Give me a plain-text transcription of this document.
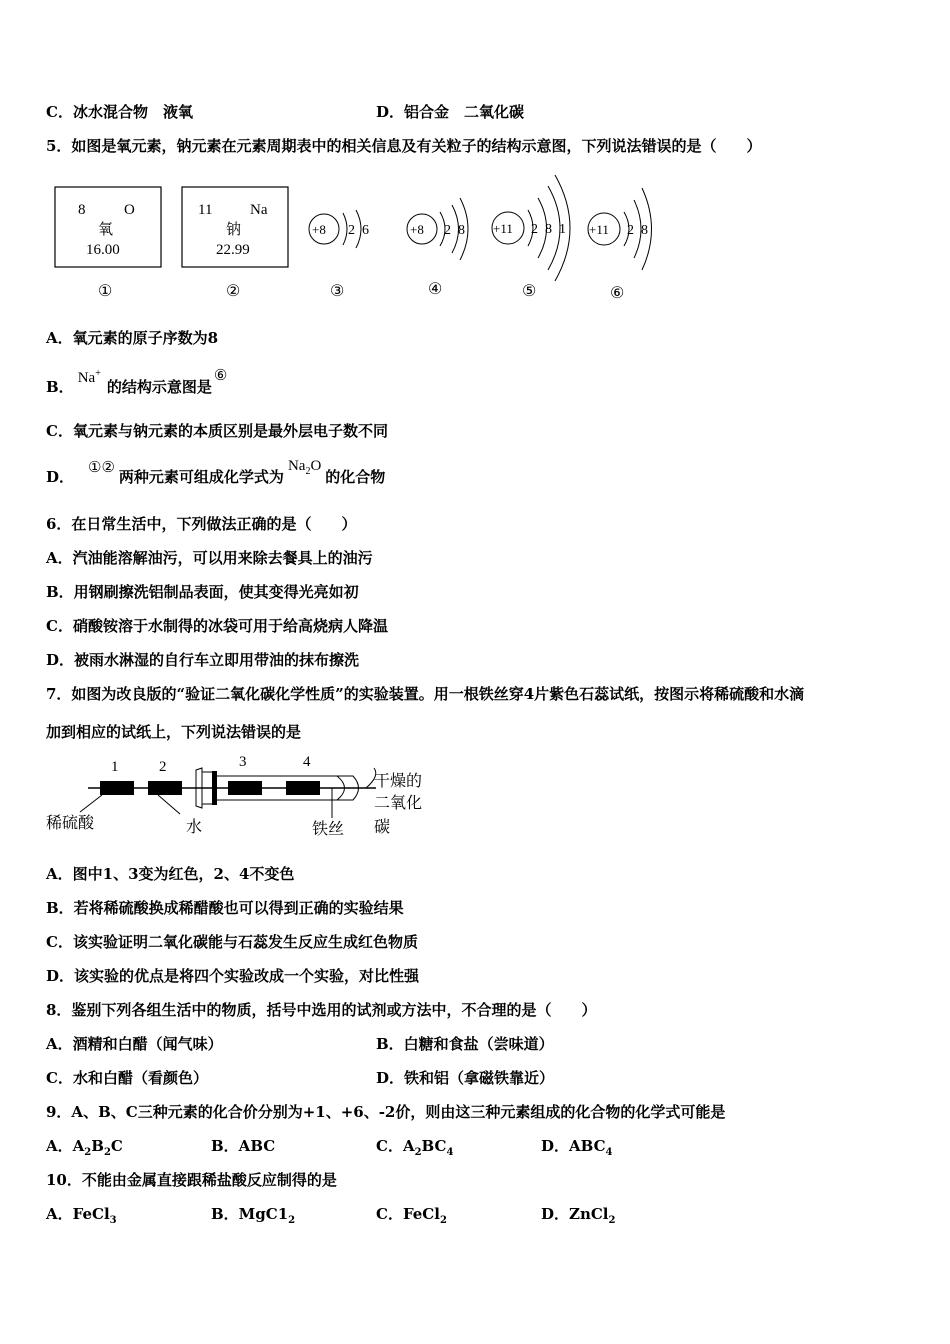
C．冰水混合物　液氧	D．铝合金　二氧化碳
5．如图是氧元素，钠元素在元素周期表中的相关信息及有关粒子的结构示意图，下列说法错误的是（　　）
8	O
氧
16.00
11	Na
钠
22.99
+8 2  6	+8 2  8 +11 2  8  1 +11 2  8
①	②	③	④	⑤	⑥
A．氧元素的原子序数为8
B． Na+的结构示意图是⑥
C．氧元素与钠元素的本质区别是最外层电子数不同
D． ①② 两种元素可组成化学式为$Na_2O$的化合物
6．在日常生活中，下列做法正确的是（　　）
A．汽油能溶解油污，可以用来除去餐具上的油污
B．用钢刷擦洗铝制品表面，使其变得光亮如初
C．硝酸铵溶于水制得的冰袋可用于给高烧病人降温
D．被雨水淋湿的自行车立即用带油的抹布擦洗
7．如图为改良版的“验证二氧化碳化学性质”的实验装置。用一根铁丝穿4片紫色石蕊试纸，按图示将稀硫酸和水滴
加到相应的试纸上，下列说法错误的是
1	2	3	4
稀硫酸	水	铁丝
干燥的
二氧化
碳
A．图中1、3变为红色，2、4不变色
B．若将稀硫酸换成稀醋酸也可以得到正确的实验结果
C．该实验证明二氧化碳能与石蕊发生反应生成红色物质
D．该实验的优点是将四个实验改成一个实验，对比性强
8．鉴别下列各组生活中的物质，括号中选用的试剂或方法中，不合理的是（　　）
A．酒精和白醋（闻气味）	B．白糖和食盐（尝味道）
C．水和白醋（看颜色）	D．铁和铝（拿磁铁靠近）
9．A、B、C三种元素的化合价分别为+1、+6、-2价，则由这三种元素组成的化合物的化学式可能是
A．$A_2B_2C$	B．ABC	C．$A_2BC_4$	D．$ABC_4$
10．不能由金属直接跟稀盐酸反应制得的是
A．FeCl$_3$	B．$MgC1_2$	C．FeCl$_2$	D．ZnCl$_2$
